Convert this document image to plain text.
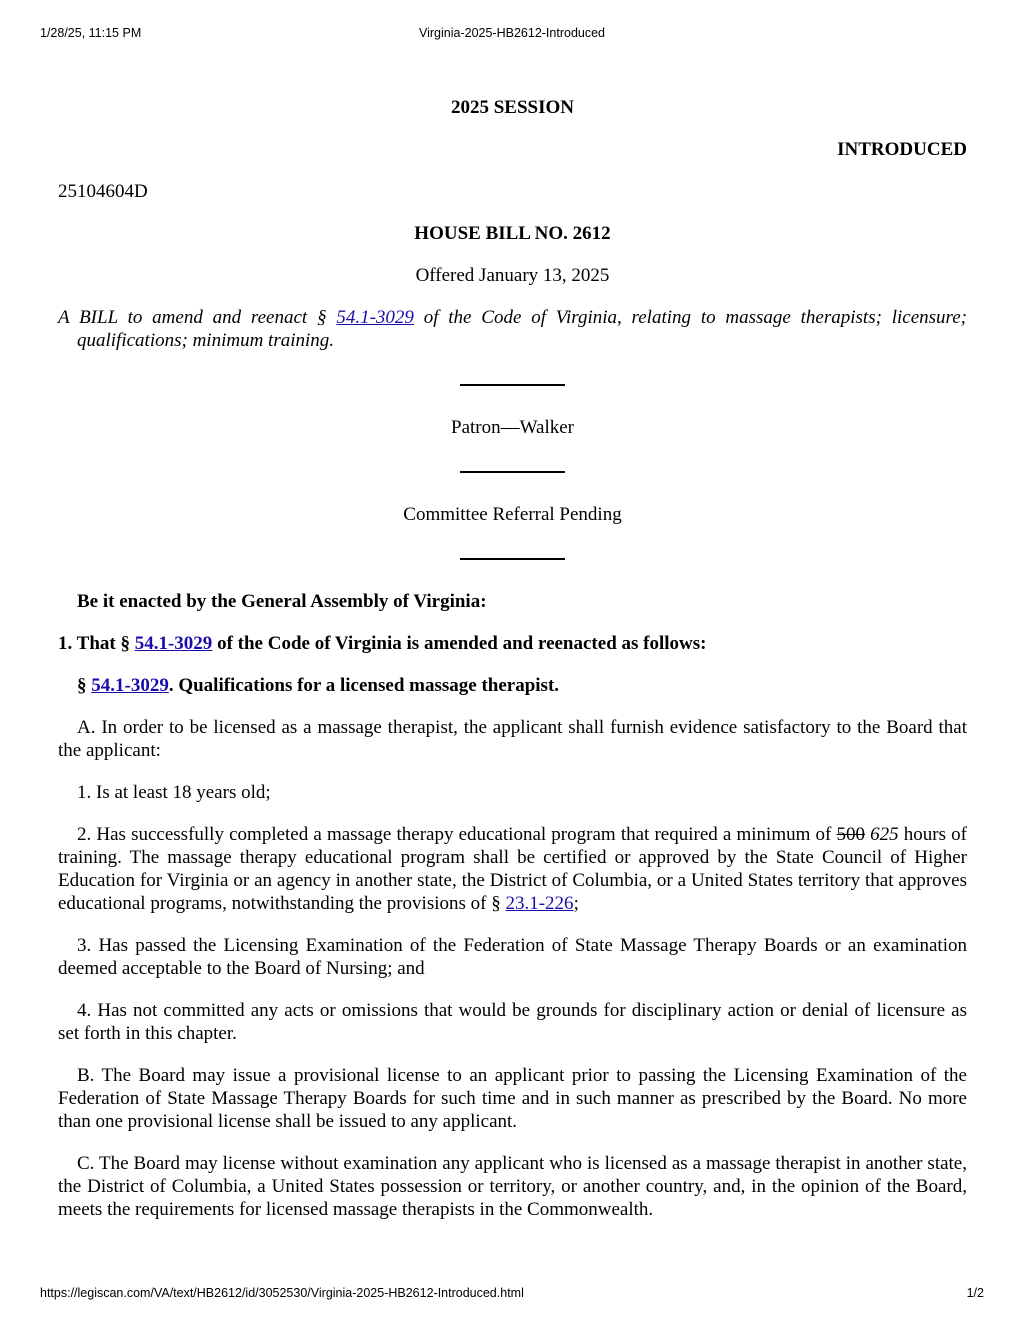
1/28/25, 11:15 PM	Virginia-2025-HB2612-Introduced

2025 SESSION

INTRODUCED

25104604D

HOUSE BILL NO. 2612

Offered January 13, 2025

A BILL to amend and reenact § 54.1-3029 of the Code of Virginia, relating to massage therapists; licensure; qualifications; minimum training.

Patron—Walker

Committee Referral Pending

Be it enacted by the General Assembly of Virginia:

1. That § 54.1-3029 of the Code of Virginia is amended and reenacted as follows:

§ 54.1-3029. Qualifications for a licensed massage therapist.

A. In order to be licensed as a massage therapist, the applicant shall furnish evidence satisfactory to the Board that the applicant:

1. Is at least 18 years old;

2. Has successfully completed a massage therapy educational program that required a minimum of 500 625 hours of training. The massage therapy educational program shall be certified or approved by the State Council of Higher Education for Virginia or an agency in another state, the District of Columbia, or a United States territory that approves educational programs, notwithstanding the provisions of § 23.1-226;

3. Has passed the Licensing Examination of the Federation of State Massage Therapy Boards or an examination deemed acceptable to the Board of Nursing; and

4. Has not committed any acts or omissions that would be grounds for disciplinary action or denial of licensure as set forth in this chapter.

B. The Board may issue a provisional license to an applicant prior to passing the Licensing Examination of the Federation of State Massage Therapy Boards for such time and in such manner as prescribed by the Board. No more than one provisional license shall be issued to any applicant.

C. The Board may license without examination any applicant who is licensed as a massage therapist in another state, the District of Columbia, a United States possession or territory, or another country, and, in the opinion of the Board, meets the requirements for licensed massage therapists in the Commonwealth.

https://legiscan.com/VA/text/HB2612/id/3052530/Virginia-2025-HB2612-Introduced.html	1/2
